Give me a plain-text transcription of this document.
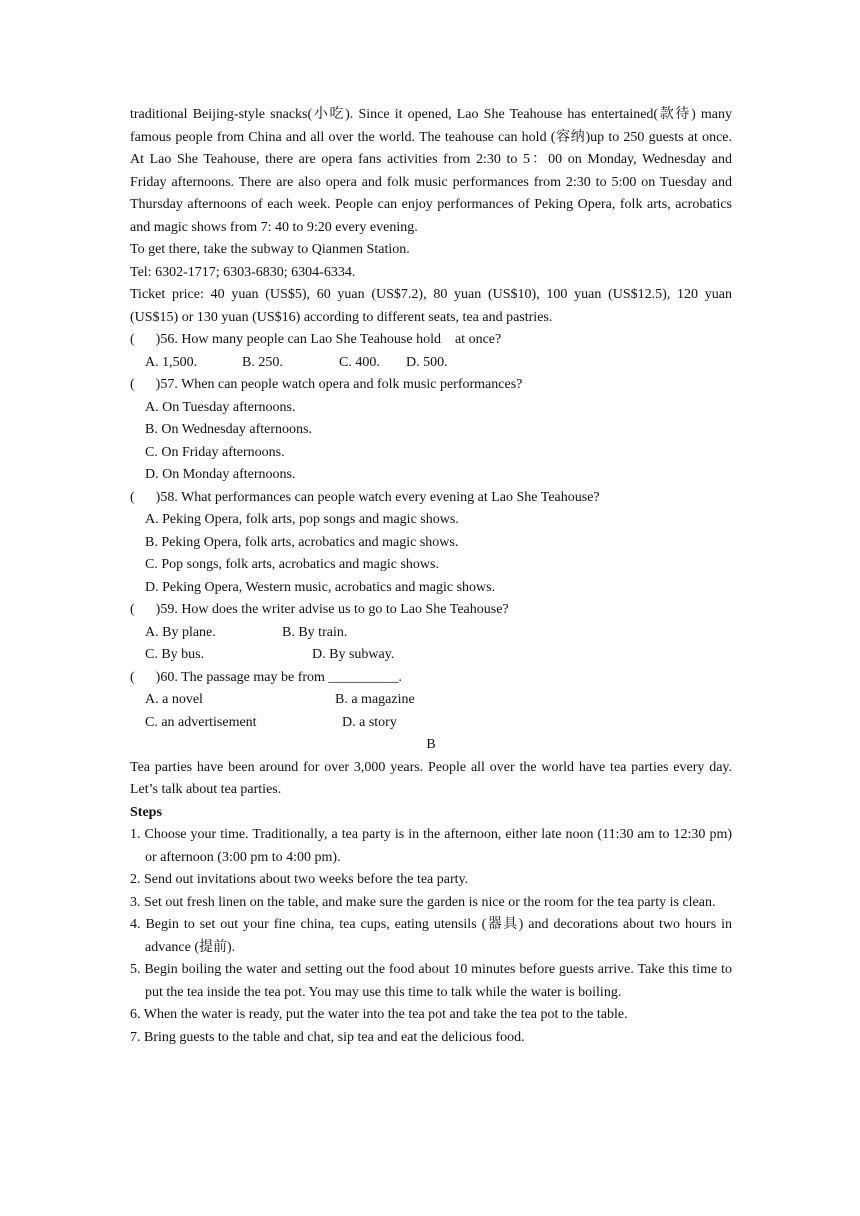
traditional Beijing-style snacks(小吃). Since it opened, Lao She Teahouse has entertained(款待) many famous people from China and all over the world. The teahouse can hold (容纳)up to 250 guests at once. At Lao She Teahouse, there are opera fans activities from 2:30 to 5：00 on Monday, Wednesday and Friday afternoons. There are also opera and folk music performances from 2:30 to 5:00 on Tuesday and Thursday afternoons of each week. People can enjoy performances of Peking Opera, folk arts, acrobatics and magic shows from 7: 40 to 9:20 every evening.

To get there, take the subway to Qianmen Station.

Tel: 6302-1717; 6303-6830; 6304-6334.

Ticket price: 40 yuan (US$5), 60 yuan (US$7.2), 80 yuan (US$10), 100 yuan (US$12.5), 120 yuan (US$15) or 130 yuan (US$16) according to different seats, tea and pastries.

(      )56. How many people can Lao She Teahouse hold    at once?

A. 1,500.	B. 250.	C. 400. D. 500.

(      )57. When can people watch opera and folk music performances?

A. On Tuesday afternoons.

B. On Wednesday afternoons.

C. On Friday afternoons.

D. On Monday afternoons.

(      )58. What performances can people watch every evening at Lao She Teahouse?

A. Peking Opera, folk arts, pop songs and magic shows.

B. Peking Opera, folk arts, acrobatics and magic shows.

C. Pop songs, folk arts, acrobatics and magic shows.

D. Peking Opera, Western music, acrobatics and magic shows.

(      )59. How does the writer advise us to go to Lao She Teahouse?

A. By plane.	B. By train.

C. By bus.	D. By subway.

(      )60. The passage may be from __________.

A. a novel	B. a magazine

C. an advertisement	D. a story

B

Tea parties have been around for over 3,000 years. People all over the world have tea parties every day. Let’s talk about tea parties.

Steps

1. Choose your time. Traditionally, a tea party is in the afternoon, either late noon (11:30 am to 12:30 pm) or afternoon (3:00 pm to 4:00 pm).

2. Send out invitations about two weeks before the tea party.

3. Set out fresh linen on the table, and make sure the garden is nice or the room for the tea party is clean.

4. Begin to set out your fine china, tea cups, eating utensils (器具) and decorations about two hours in advance (提前).

5. Begin boiling the water and setting out the food about 10 minutes before guests arrive. Take this time to put the tea inside the tea pot. You may use this time to talk while the water is boiling.

6. When the water is ready, put the water into the tea pot and take the tea pot to the table.

7. Bring guests to the table and chat, sip tea and eat the delicious food.
